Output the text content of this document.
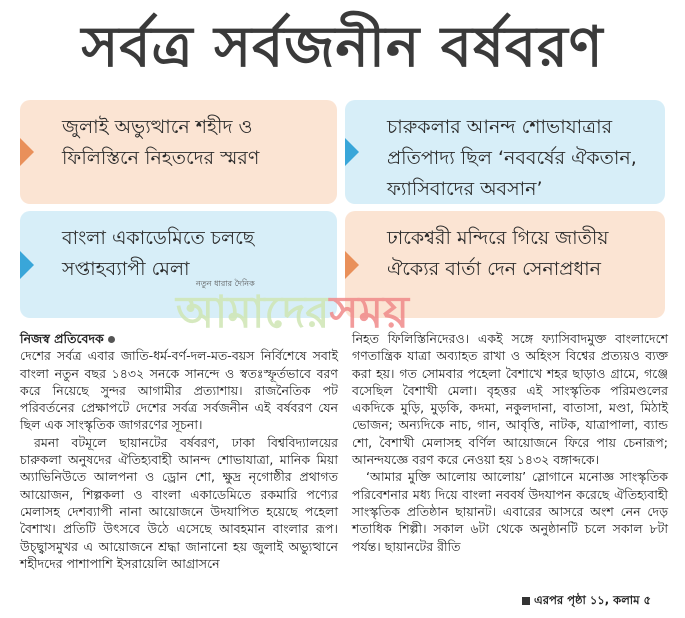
সর্বত্র সর্বজনীন বর্ষবরণ
জুলাই অভ্যুত্থানে শহীদ ও ফিলিস্তিনে নিহতদের স্মরণ
চারুকলার আনন্দ শোভাযাত্রার প্রতিপাদ্য ছিল ‘নববর্ষের ঐকতান, ফ্যাসিবাদের অবসান’
বাংলা একাডেমিতে চলছে সপ্তাহব্যাপী মেলা
ঢাকেশ্বরী মন্দিরে গিয়ে জাতীয় ঐক্যের বার্তা দেন সেনাপ্রধান

নিজস্ব প্রতিবেদক

দেশের সর্বত্র এবার জাতি-ধর্ম-বর্ণ-দল-মত-বয়স নির্বিশেষে সবাই বাংলা নতুন বছর ১৪৩২ সনকে সানন্দে ও স্বতঃস্ফূর্তভাবে বরণ করে নিয়েছে সুন্দর আগামীর প্রত্যাশায়। রাজনৈতিক পট পরিবর্তনের প্রেক্ষাপটে দেশের সর্বত্র সর্বজনীন এই বর্ষবরণ যেন ছিল এক সাংস্কৃতিক জাগরণের সূচনা।

রমনা বটমূলে ছায়ানটের বর্ষবরণ, ঢাকা বিশ্ববিদ্যালয়ের চারুকলা অনুষদের ঐতিহ্যবাহী আনন্দ শোভাযাত্রা, মানিক মিয়া অ্যাভিনিউতে আলপনা ও ড্রোন শো, ক্ষুদ্র নৃগোষ্ঠীর প্রথাগত আয়োজন, শিল্পকলা ও বাংলা একাডেমিতে রকমারি পণ্যের মেলাসহ দেশব্যাপী নানা আয়োজনে উদযাপিত হয়েছে পহেলা বৈশাখ। প্রতিটি উৎসবে উঠে এসেছে আবহমান বাংলার রূপ। উচ্ছ্বাসমুখর এ আয়োজনে শ্রদ্ধা জানানো হয় জুলাই অভ্যুত্থানে শহীদদের পাশাপাশি ইসরায়েলি আগ্রাসনে

নিহত ফিলিস্তিনিদেরও। একই সঙ্গে ফ্যাসিবাদমুক্ত বাংলাদেশে গণতান্ত্রিক যাত্রা অব্যাহত রাখা ও অহিংস বিশ্বের প্রত্যয়ও ব্যক্ত করা হয়। গত সোমবার পহেলা বৈশাখে শহর ছাড়াও গ্রামে, গঞ্জে বসেছিল বৈশাখী মেলা। বৃহত্তর এই সাংস্কৃতিক পরিমণ্ডলের একদিকে মুড়ি, মুড়কি, কদমা, নকুলদানা, বাতাসা, মণ্ডা, মিঠাই ভোজন; অন্যদিকে নাচ, গান, আবৃত্তি, নাটক, যাত্রাপালা, ব্যান্ড শো, বৈশাখী মেলাসহ বর্ণিল আয়োজনে ফিরে পায় চেনারূপ; আনন্দযজ্ঞে বরণ করে নেওয়া হয় ১৪৩২ বঙ্গাব্দকে।

‘আমার মুক্তি আলোয় আলোয়’ স্লোগানে মনোজ্ঞ সাংস্কৃতিক পরিবেশনার মধ্য দিয়ে বাংলা নববর্ষ উদযাপন করেছে ঐতিহ্যবাহী সাংস্কৃতিক প্রতিষ্ঠান ছায়ানট। এবারের আসরে অংশ নেন দেড় শতাধিক শিল্পী। সকাল ৬টা থেকে অনুষ্ঠানটি চলে সকাল ৮টা পর্যন্ত। ছায়ানটের রীতি

এরপর পৃষ্ঠা ১১, কলাম ৫
নতুন ধারার দৈনিক
আমাদেরসময়
